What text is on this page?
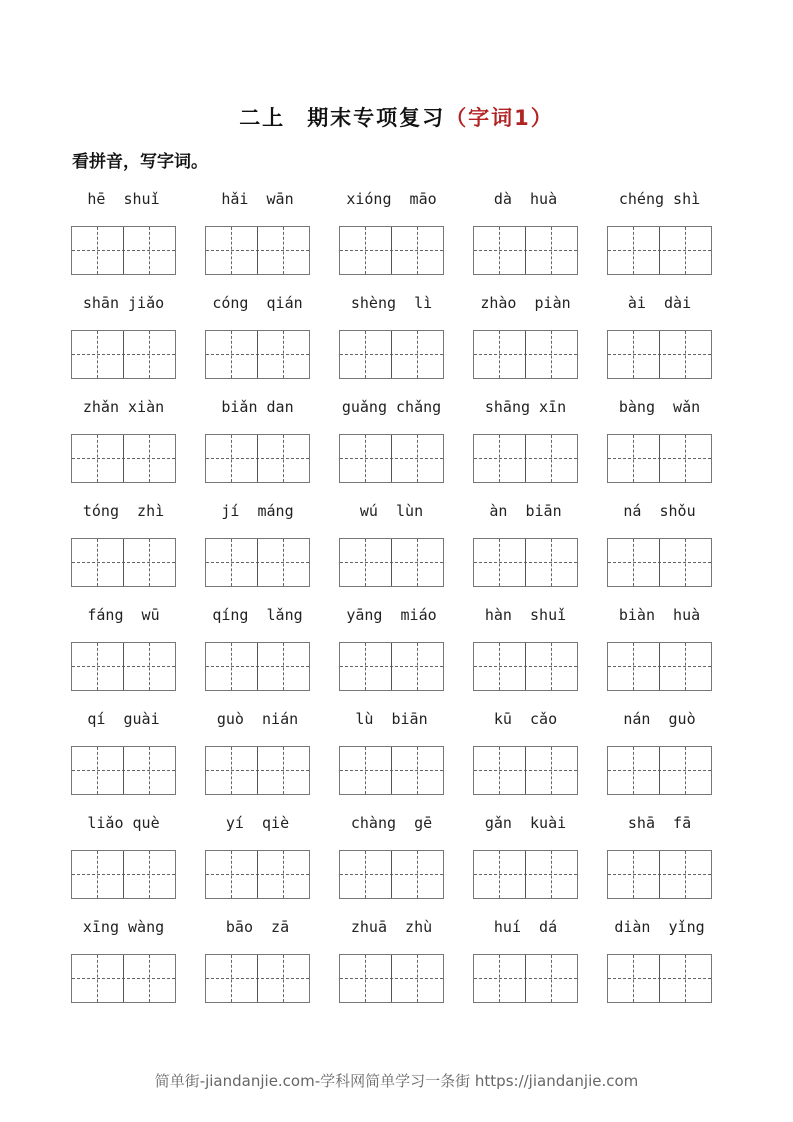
二上 期末专项复习（字词1）
看拼音，写字词。
hē  shuǐ	hǎi  wān	xióng  māo	dà  huà	chéng shì
shān jiǎo	cóng  qián	shèng  lì	zhào  piàn	ài  dài
zhǎn xiàn	biǎn dan	guǎng chǎng	shāng xīn	bàng  wǎn
tóng  zhì	jí  máng	wú  lùn	àn  biān	ná  shǒu
fáng  wū	qíng  lǎng	yāng  miáo	hàn  shuǐ	biàn  huà
qí  guài	guò  nián	lù  biān	kū  cǎo	nán  guò
liǎo què	yí  qiè	chàng  gē	gǎn  kuài	shā  fā
xīng wàng	bāo  zā	zhuā  zhù	huí  dá	diàn  yǐng
简单街-jiandanjie.com-学科网简单学习一条街 https://jiandanjie.com
